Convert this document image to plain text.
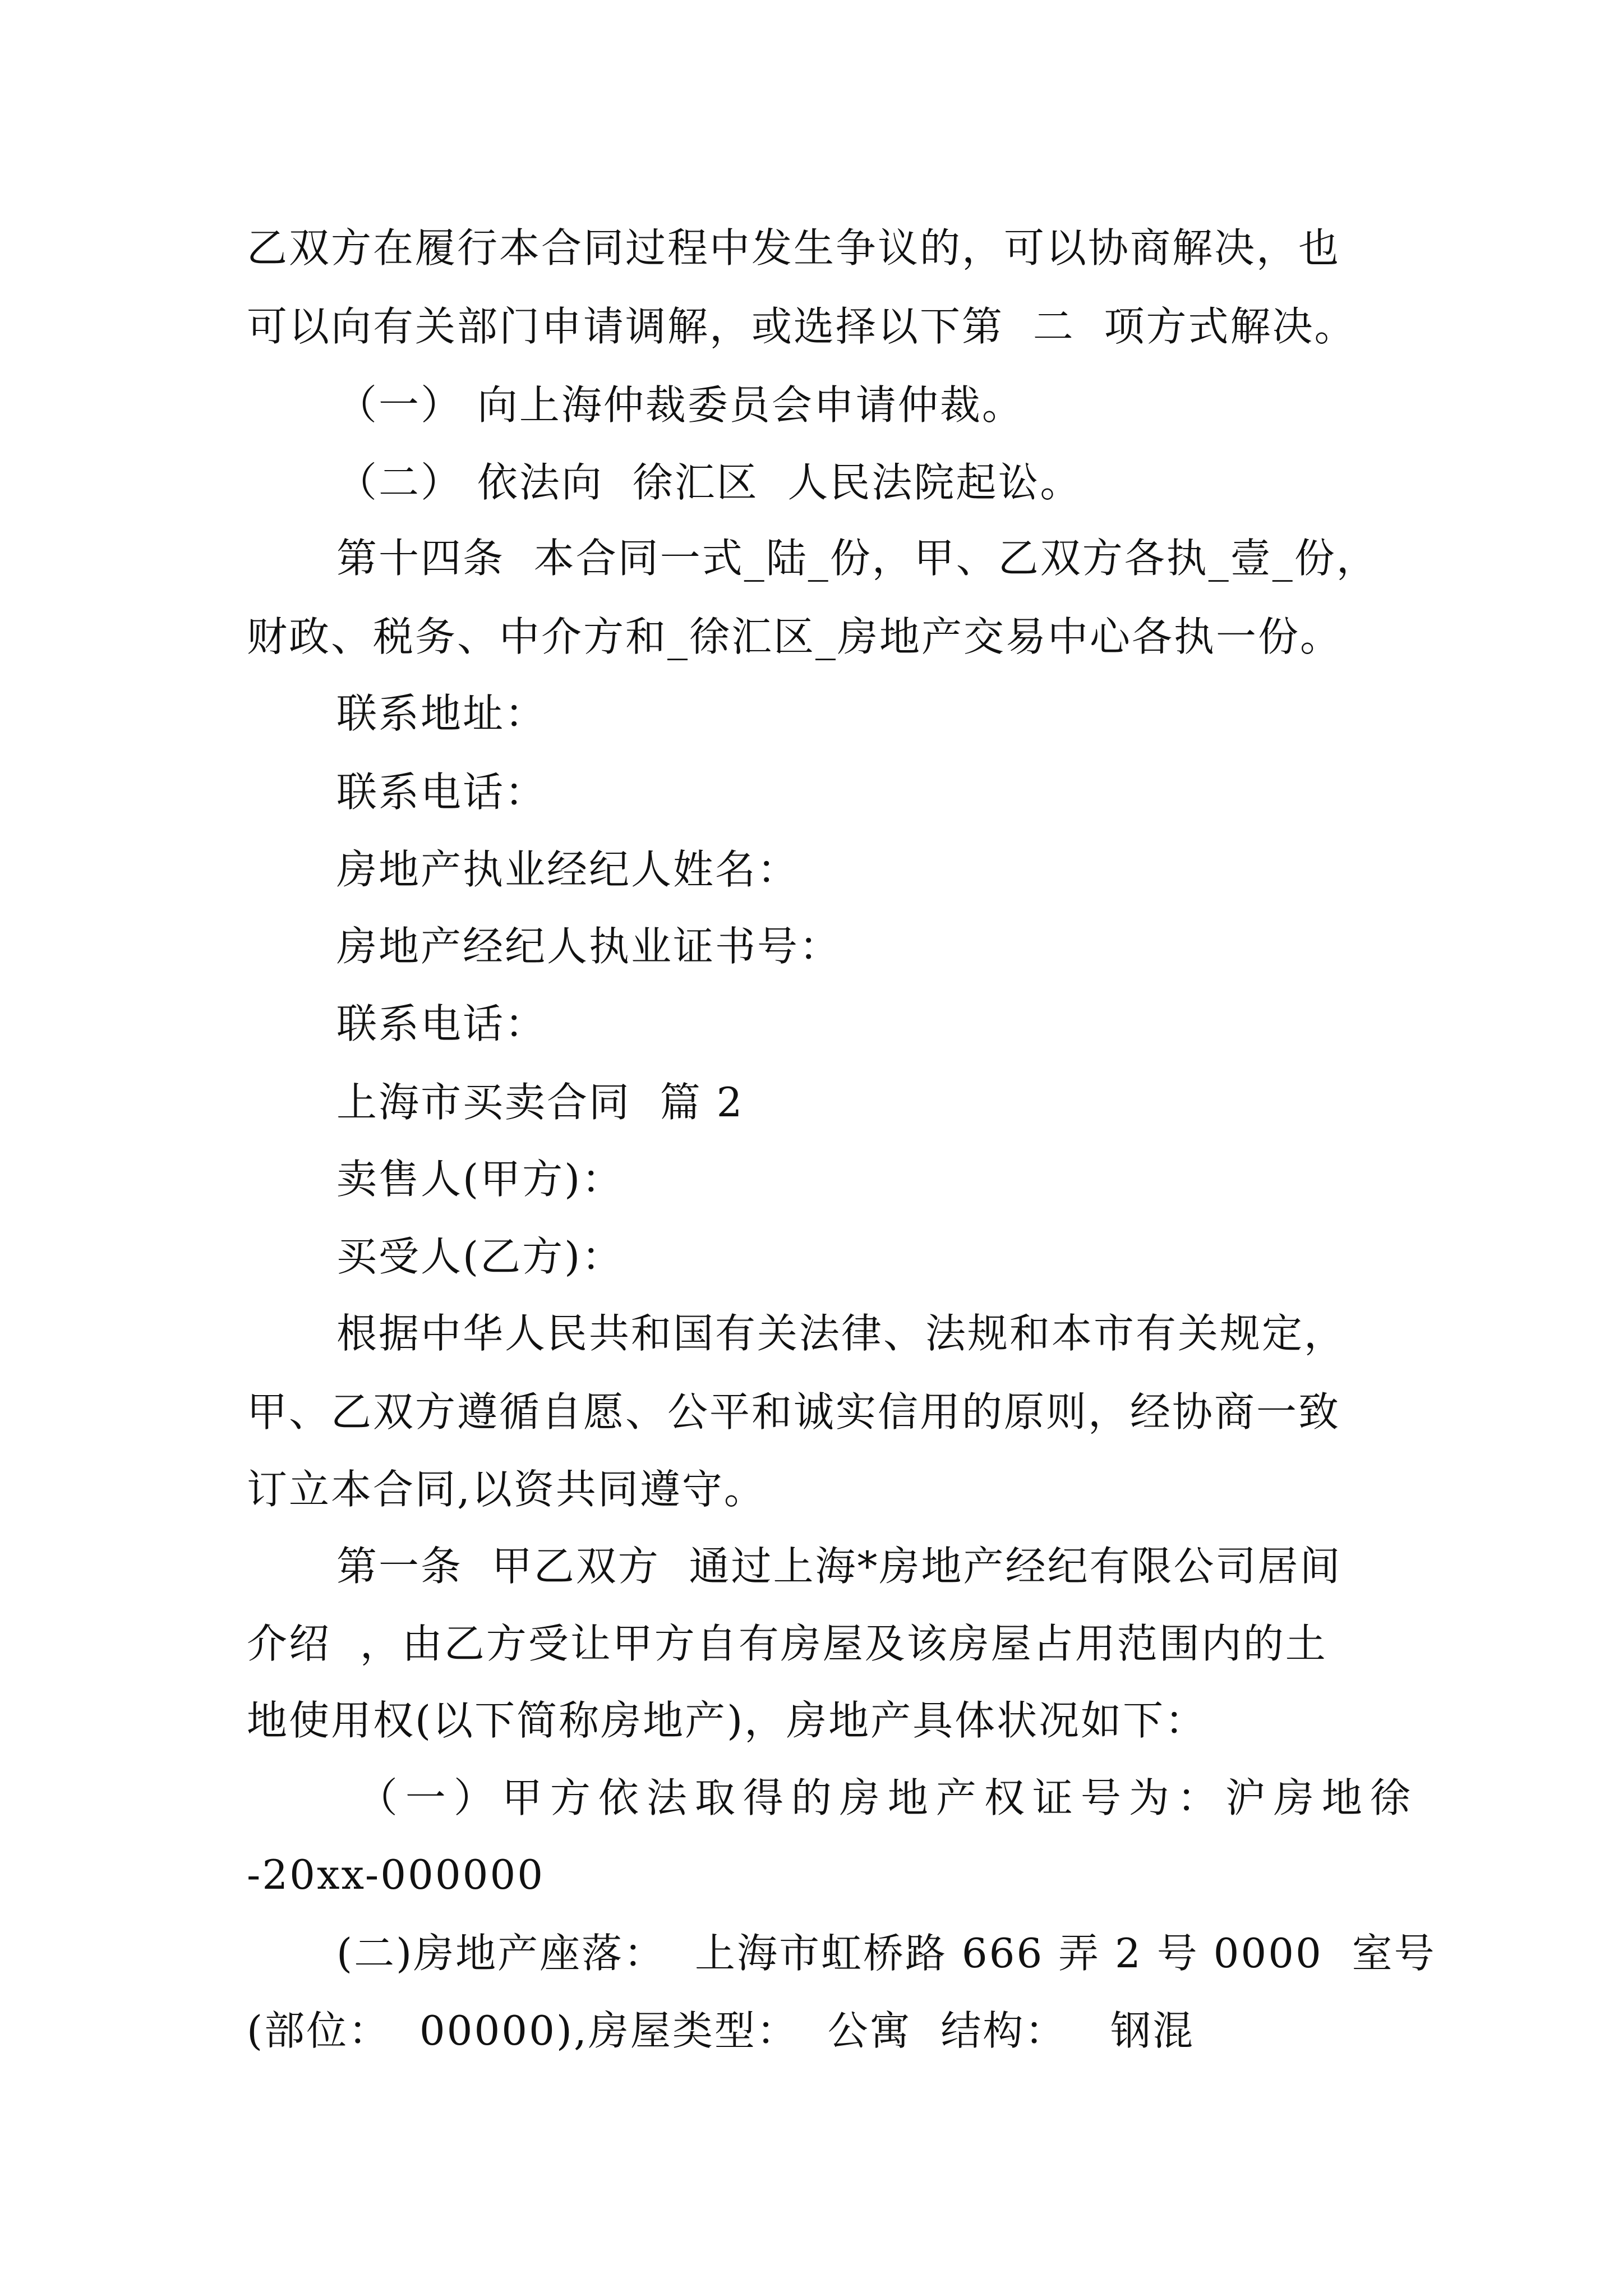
乙双方在履行本合同过程中发生争议的，可以协商解决，也
可以向有关部门申请调解，或选择以下第  二  项方式解决。
（一） 向上海仲裁委员会申请仲裁。
（二） 依法向  徐汇区  人民法院起讼。
第十四条  本合同一式_陆_份，甲、乙双方各执_壹_份，
财政、税务、中介方和_徐汇区_房地产交易中心各执一份。
联系地址：
联系电话：
房地产执业经纪人姓名：
房地产经纪人执业证书号：
联系电话：
上海市买卖合同  篇 2
卖售人(甲方)：
买受人(乙方)：
根据中华人民共和国有关法律、法规和本市有关规定，
甲、乙双方遵循自愿、公平和诚实信用的原则，经协商一致
订立本合同,以资共同遵守。
第一条  甲乙双方  通过上海*房地产经纪有限公司居间
介绍  ，由乙方受让甲方自有房屋及该房屋占用范围内的土
地使用权(以下简称房地产)，房地产具体状况如下：
（一）甲方依法取得的房地产权证号为：沪房地徐
-20xx-000000
(二)房地产座落：  上海市虹桥路 666 弄 2 号 0000  室号
(部位：  00000),房屋类型：  公寓  结构：   钢混
